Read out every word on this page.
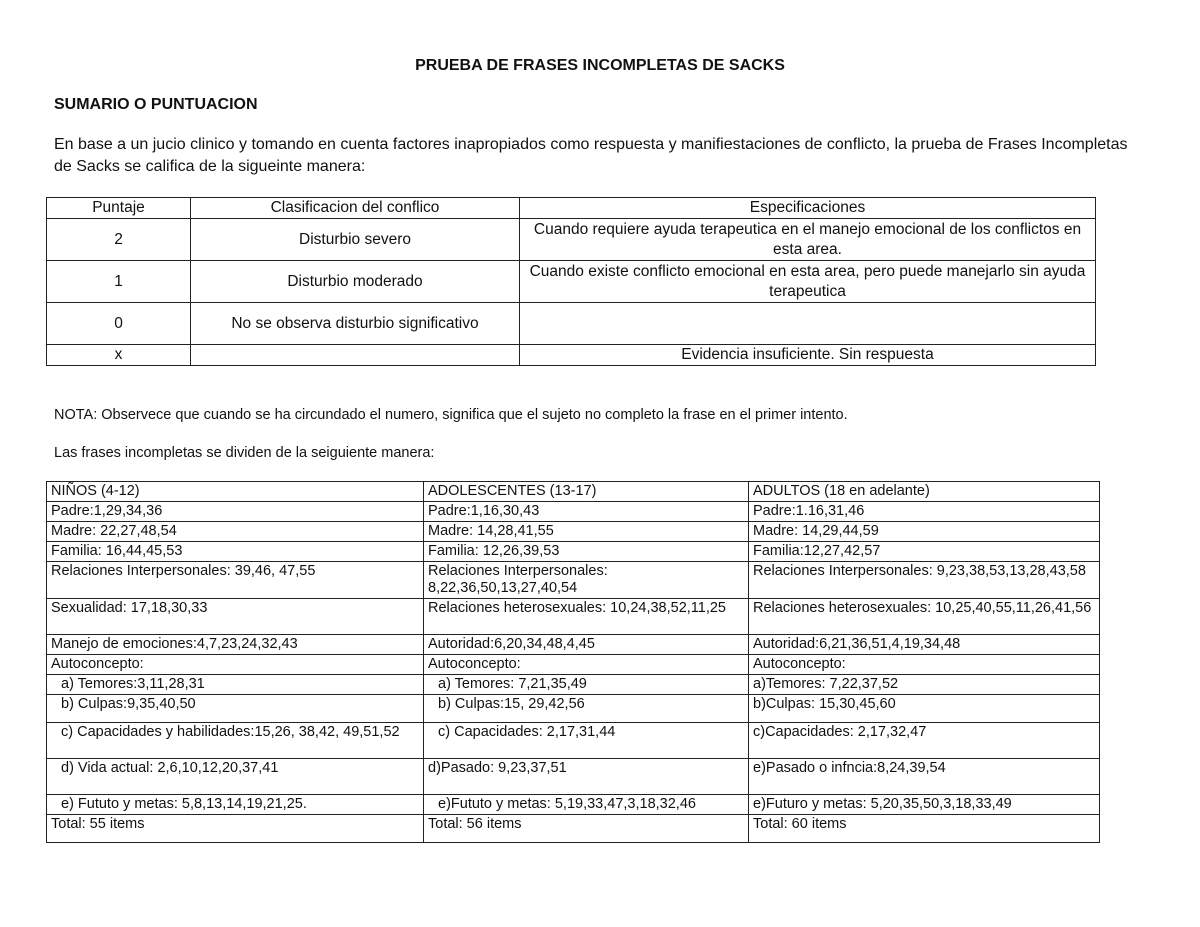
PRUEBA DE FRASES INCOMPLETAS DE SACKS
SUMARIO O PUNTUACION
En base a un jucio clinico y tomando en cuenta factores inapropiados como respuesta y manifiestaciones de conflicto, la prueba de Frases Incompletas de Sacks se califica de la sigueinte manera:
Puntaje	Clasificacion del conflico	Especificaciones
2	Disturbio severo	Cuando requiere ayuda terapeutica en el manejo emocional de los conflictos en esta area.
1	Disturbio moderado	Cuando existe conflicto emocional en esta area, pero puede manejarlo sin ayuda terapeutica
0	No se observa disturbio significativo	
x		Evidencia insuficiente. Sin respuesta
NOTA: Observece que cuando se ha circundado el numero, significa que el sujeto no completo la frase en el primer intento.
Las frases incompletas se dividen de la seiguiente manera:
NIÑOS (4-12)	ADOLESCENTES (13-17)	ADULTOS (18 en adelante)
Padre:1,29,34,36	Padre:1,16,30,43	Padre:1.16,31,46
Madre: 22,27,48,54	Madre: 14,28,41,55	Madre: 14,29,44,59
Familia: 16,44,45,53	Familia: 12,26,39,53	Familia:12,27,42,57
Relaciones Interpersonales: 39,46, 47,55	Relaciones Interpersonales: 8,22,36,50,13,27,40,54	Relaciones Interpersonales: 9,23,38,53,13,28,43,58
Sexualidad: 17,18,30,33	Relaciones heterosexuales: 10,24,38,52,11,25	Relaciones heterosexuales: 10,25,40,55,11,26,41,56
Manejo de emociones:4,7,23,24,32,43	Autoridad:6,20,34,48,4,45	Autoridad:6,21,36,51,4,19,34,48
Autoconcepto:	Autoconcepto:	Autoconcepto:
a) Temores:3,11,28,31	a) Temores: 7,21,35,49	a)Temores: 7,22,37,52
b) Culpas:9,35,40,50	b) Culpas:15, 29,42,56	b)Culpas: 15,30,45,60
c) Capacidades y habilidades:15,26, 38,42, 49,51,52	c) Capacidades: 2,17,31,44	c)Capacidades: 2,17,32,47
d) Vida actual: 2,6,10,12,20,37,41	d)Pasado: 9,23,37,51	e)Pasado o infncia:8,24,39,54
e) Fututo y metas: 5,8,13,14,19,21,25.	e)Fututo y metas: 5,19,33,47,3,18,32,46	e)Futuro y metas: 5,20,35,50,3,18,33,49
Total: 55 items	Total: 56 items	Total: 60 items
